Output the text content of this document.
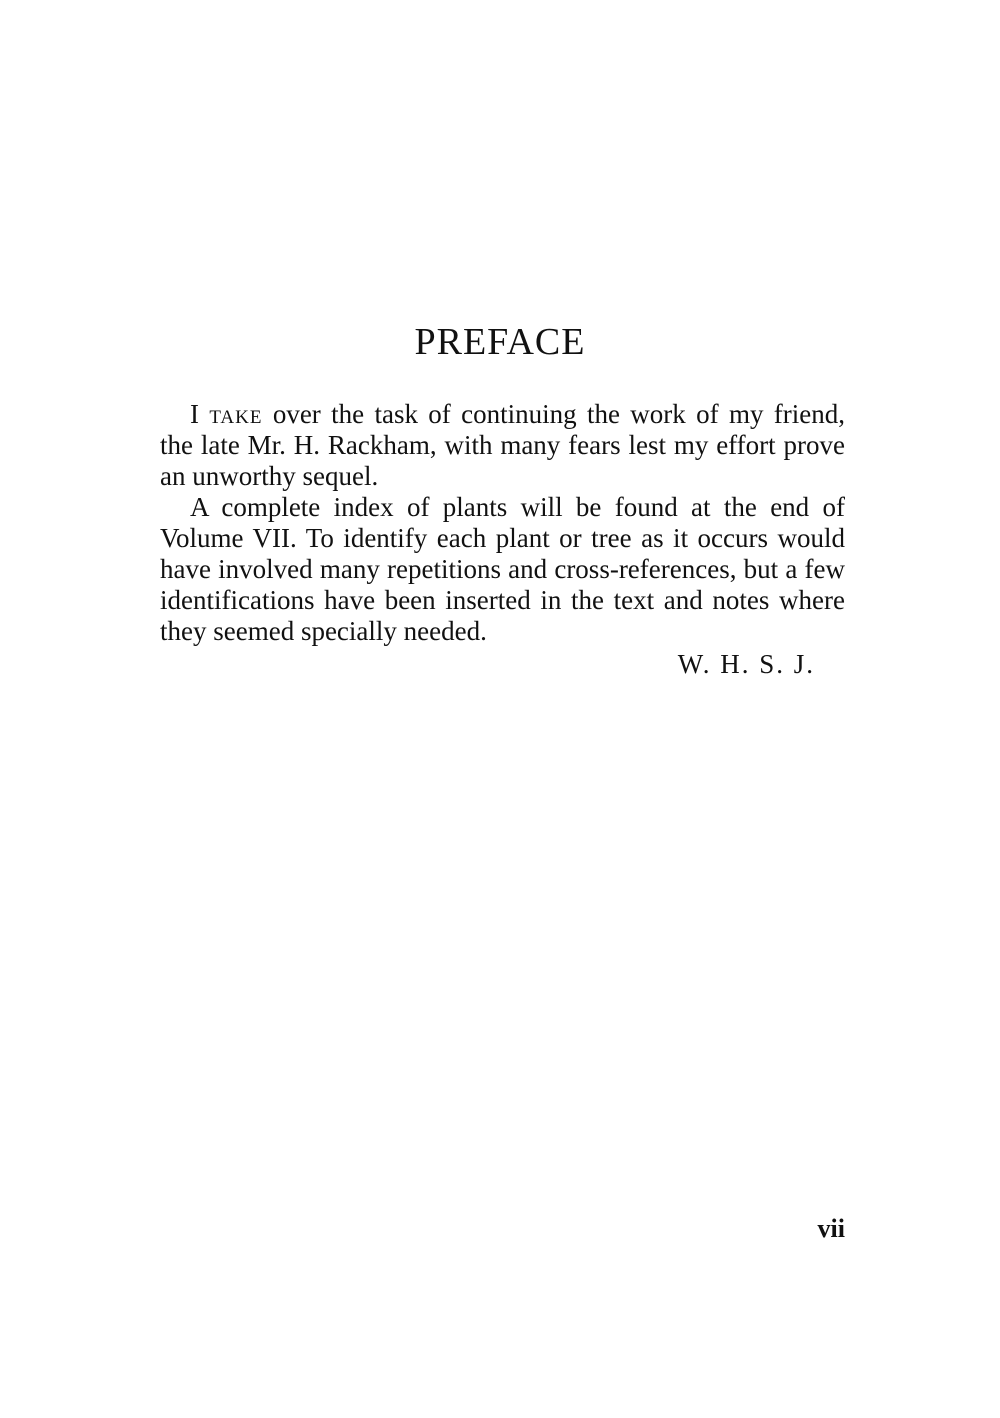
PREFACE

I take over the task of continuing the work of my friend, the late Mr. H. Rackham, with many fears lest my effort prove an unworthy sequel.

A complete index of plants will be found at the end of Volume VII. To identify each plant or tree as it occurs would have involved many repetitions and cross-references, but a few identifications have been inserted in the text and notes where they seemed specially needed.

W. H. S. J.

vii
